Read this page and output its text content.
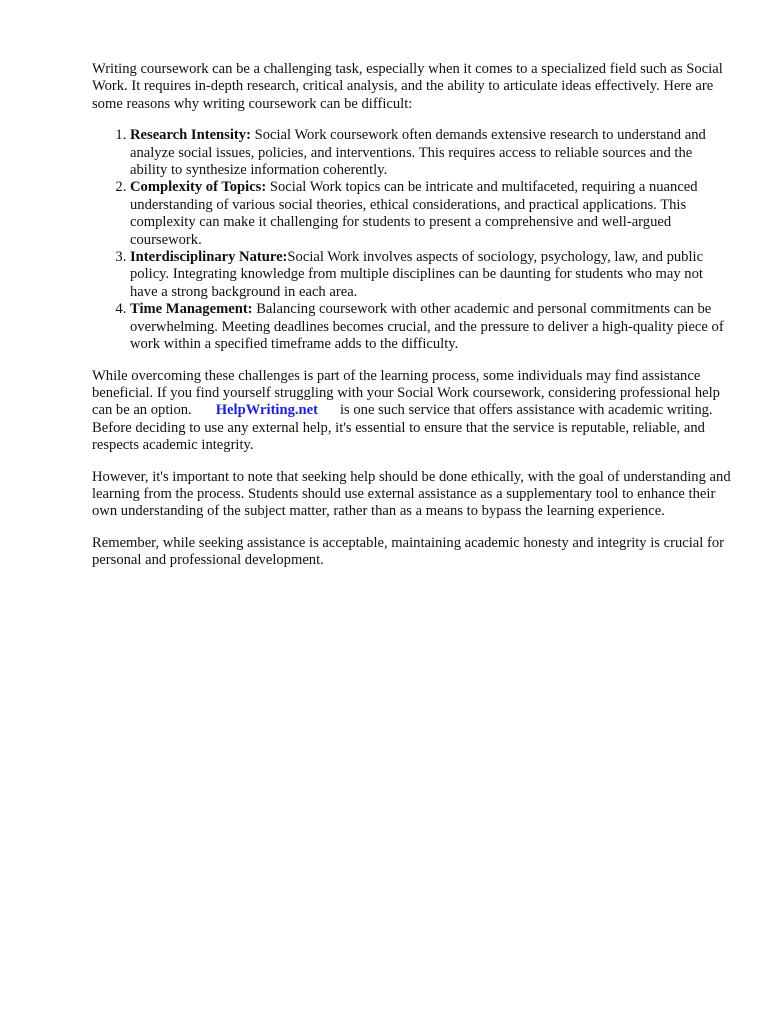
Writing coursework can be a challenging task, especially when it comes to a specialized field such as Social Work. It requires in-depth research, critical analysis, and the ability to articulate ideas effectively. Here are some reasons why writing coursework can be difficult:

1. Research Intensity: Social Work coursework often demands extensive research to understand and analyze social issues, policies, and interventions. This requires access to reliable sources and the ability to synthesize information coherently.
2. Complexity of Topics: Social Work topics can be intricate and multifaceted, requiring a nuanced understanding of various social theories, ethical considerations, and practical applications. This complexity can make it challenging for students to present a comprehensive and well-argued coursework.
3. Interdisciplinary Nature:Social Work involves aspects of sociology, psychology, law, and public policy. Integrating knowledge from multiple disciplines can be daunting for students who may not have a strong background in each area.
4. Time Management: Balancing coursework with other academic and personal commitments can be overwhelming. Meeting deadlines becomes crucial, and the pressure to deliver a high-quality piece of work within a specified timeframe adds to the difficulty.

While overcoming these challenges is part of the learning process, some individuals may find assistance beneficial. If you find yourself struggling with your Social Work coursework, considering professional help can be an option. HelpWriting.net is one such service that offers assistance with academic writing. Before deciding to use any external help, it's essential to ensure that the service is reputable, reliable, and respects academic integrity.

However, it's important to note that seeking help should be done ethically, with the goal of understanding and learning from the process. Students should use external assistance as a supplementary tool to enhance their own understanding of the subject matter, rather than as a means to bypass the learning experience.

Remember, while seeking assistance is acceptable, maintaining academic honesty and integrity is crucial for personal and professional development.
